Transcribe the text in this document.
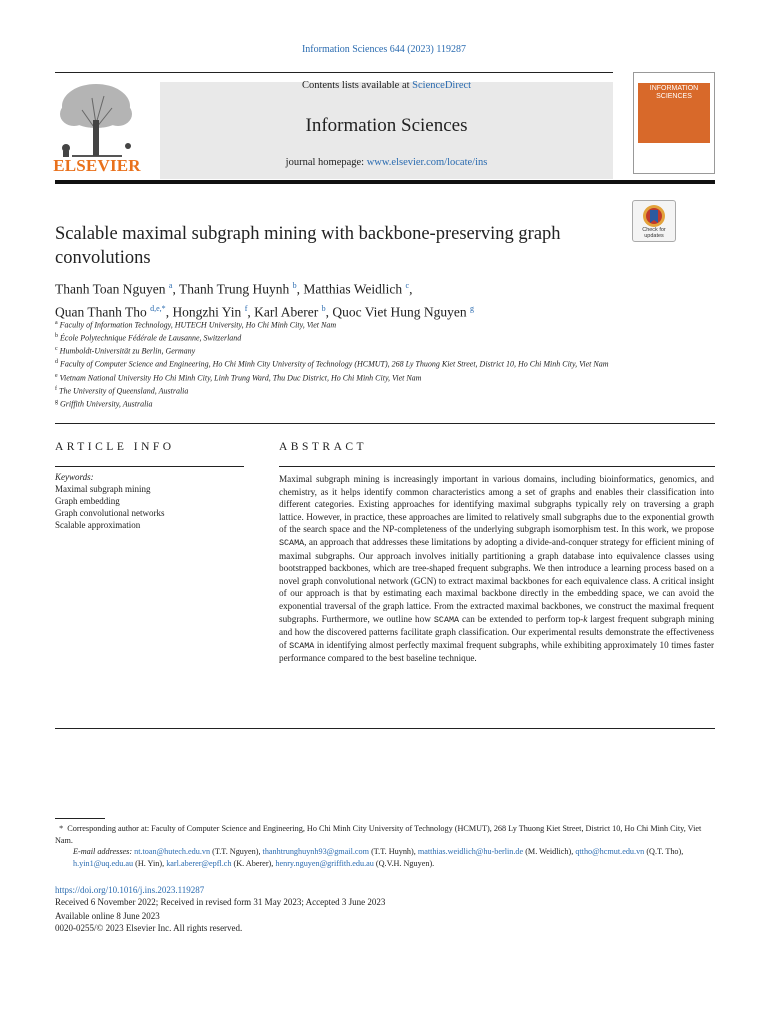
Information Sciences 644 (2023) 119287
ELSEVIER
Contents lists available at ScienceDirect
Information Sciences
journal homepage: www.elsevier.com/locate/ins
INFORMATION SCIENCES
Check for updates
Scalable maximal subgraph mining with backbone-preserving graph convolutions
Thanh Toan Nguyen $^a$, Thanh Trung Huynh $^b$, Matthias Weidlich $^c$,
Quan Thanh Tho $^{d,e,*}$, Hongzhi Yin $^f$, Karl Aberer $^b$, Quoc Viet Hung Nguyen $^g$
$^a$ Faculty of Information Technology, HUTECH University, Ho Chi Minh City, Viet Nam
$^b$ École Polytechnique Fédérale de Lausanne, Switzerland
$^c$ Humboldt-Universität zu Berlin, Germany
$^d$ Faculty of Computer Science and Engineering, Ho Chi Minh City University of Technology (HCMUT), 268 Ly Thuong Kiet Street, District 10, Ho Chi Minh City, Viet Nam
$^e$ Vietnam National University Ho Chi Minh City, Linh Trung Ward, Thu Duc District, Ho Chi Minh City, Viet Nam
$^f$ The University of Queensland, Australia
$^g$ Griffith University, Australia
ARTICLE INFO
Keywords:
Maximal subgraph mining
Graph embedding
Graph convolutional networks
Scalable approximation
ABSTRACT
Maximal subgraph mining is increasingly important in various domains, including bioinformatics, genomics, and chemistry, as it helps identify common characteristics among a set of graphs and enables their classification into different categories. Existing approaches for identifying maximal subgraphs typically rely on traversing a graph lattice. However, in practice, these approaches are limited to relatively small subgraphs due to the exponential growth of the search space and the NP-completeness of the underlying subgraph isomorphism test. In this work, we propose SCAMA, an approach that addresses these limitations by adopting a divide-and-conquer strategy for efficient mining of maximal subgraphs. Our approach involves initially partitioning a graph database into equivalence classes using bootstrapped backbones, which are tree-shaped frequent subgraphs. We then introduce a learning process based on a novel graph convolutional network (GCN) to extract maximal backbones for each equivalence class. A critical insight of our approach is that by estimating each maximal backbone directly in the embedding space, we can avoid the exponential traversal of the graph lattice. From the extracted maximal backbones, we construct the maximal frequent subgraphs. Furthermore, we outline how SCAMA can be extended to perform top-k largest frequent subgraph mining and how the discovered patterns facilitate graph classification. Our experimental results demonstrate the effectiveness of SCAMA in identifying almost perfectly maximal frequent subgraphs, while exhibiting approximately 10 times faster performance compared to the best baseline technique.
* Corresponding author at: Faculty of Computer Science and Engineering, Ho Chi Minh City University of Technology (HCMUT), 268 Ly Thuong Kiet Street, District 10, Ho Chi Minh City, Viet Nam.
E-mail addresses: nt.toan@hutech.edu.vn (T.T. Nguyen), thanhtrunghuynh93@gmail.com (T.T. Huynh), matthias.weidlich@hu-berlin.de (M. Weidlich), qttho@hcmut.edu.vn (Q.T. Tho), h.yin1@uq.edu.au (H. Yin), karl.aberer@epfl.ch (K. Aberer), henry.nguyen@griffith.edu.au (Q.V.H. Nguyen).
https://doi.org/10.1016/j.ins.2023.119287
Received 6 November 2022; Received in revised form 31 May 2023; Accepted 3 June 2023
Available online 8 June 2023
0020-0255/© 2023 Elsevier Inc. All rights reserved.
